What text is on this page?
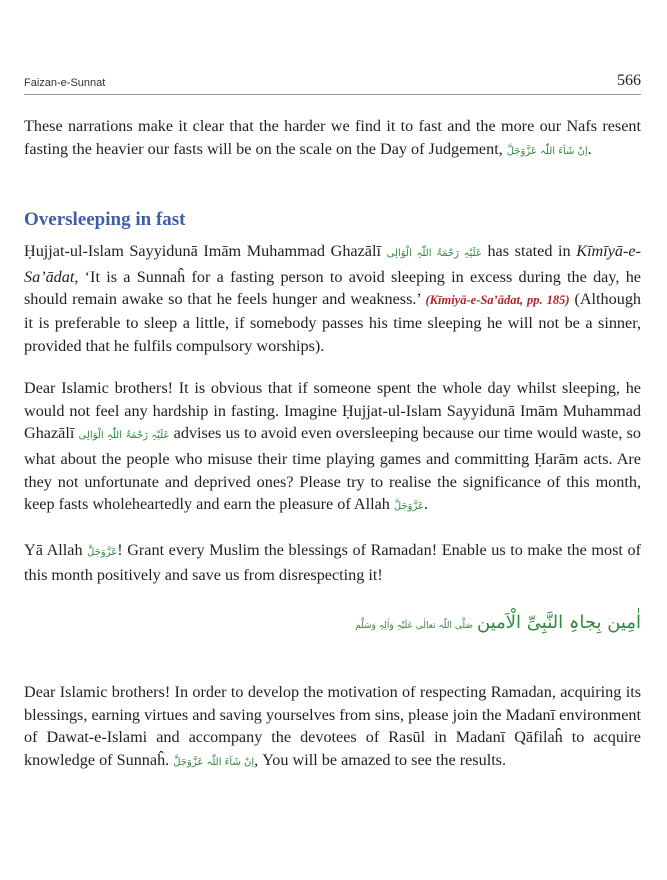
Faizan-e-Sunnat	566

These narrations make it clear that the harder we find it to fast and the more our Nafs resent fasting the heavier our fasts will be on the scale on the Day of Judgement, اِنْ شَآءَ اللّٰہ عَزَّوَجَلَّ.

Oversleeping in fast

Ḥujjat-ul-Islam Sayyidunā Imām Muhammad Ghazālī عَلَیْہِ رَحْمَۃُ اللّٰہِ الْوَالِی has stated in Kīmīyā-e-Sa’ādat, ‘It is a Sunnaĥ for a fasting person to avoid sleeping in excess during the day, he should remain awake so that he feels hunger and weakness.’ (Kīmiyā-e-Sa’ādat, pp. 185) (Although it is preferable to sleep a little, if somebody passes his time sleeping he will not be a sinner, provided that he fulfils compulsory worships).

Dear Islamic brothers! It is obvious that if someone spent the whole day whilst sleeping, he would not feel any hardship in fasting. Imagine Ḥujjat-ul-Islam Sayyidunā Imām Muhammad Ghazālī عَلَیْہِ رَحْمَۃُ اللّٰہِ الْوَالِی advises us to avoid even oversleeping because our time would waste, so what about the people who misuse their time playing games and committing Ḥarām acts. Are they not unfortunate and deprived ones? Please try to realise the significance of this month, keep fasts wholeheartedly and earn the pleasure of Allah عَزَّوَجَلَّ.

Yā Allah عَزَّوَجَلَّ! Grant every Muslim the blessings of Ramadan! Enable us to make the most of this month positively and save us from disrespecting it!

صَلَّی اللّٰہ تعالٰی عَلَیْہِ وَاٰلِہٖ وَسَلَّم اٰمِین بِجاہِ النَّبِیِّ الْاَمین

Dear Islamic brothers! In order to develop the motivation of respecting Ramadan, acquiring its blessings, earning virtues and saving yourselves from sins, please join the Madanī environment of Dawat-e-Islami and accompany the devotees of Rasūl in Madanī Qāfilaĥ to acquire knowledge of Sunnaĥ. اِنْ شَآءَ اللّٰہ عَزَّوَجَلَّ, You will be amazed to see the results.
